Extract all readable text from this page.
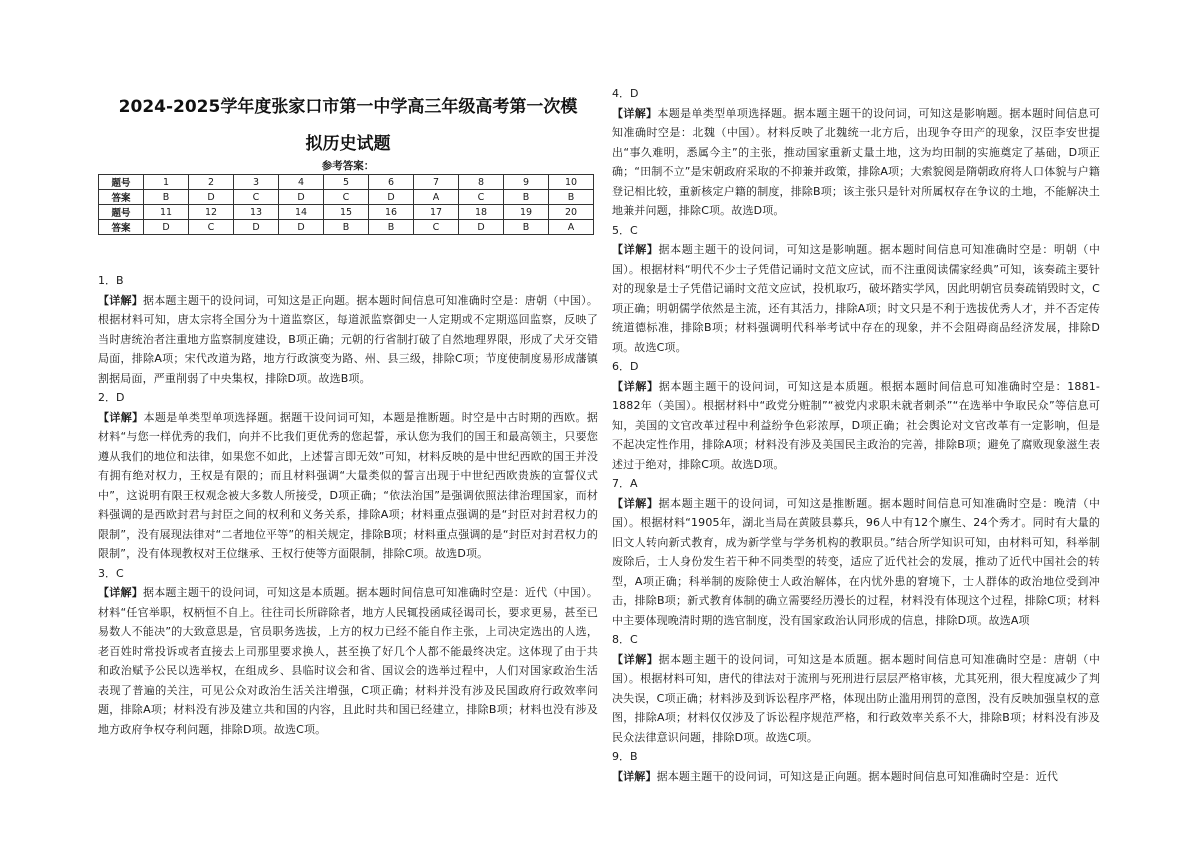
2024-2025学年度张家口市第一中学高三年级高考第一次模
拟历史试题
参考答案：
题号	1	2	3	4	5	6	7	8	9	10
答案	B	D	C	D	C	D	A	C	B	B
题号	11	12	13	14	15	16	17	18	19	20
答案	D	C	D	D	B	B	C	D	B	A
1．B
【详解】据本题主题干的设问词，可知这是正向题。据本题时间信息可知准确时空是：唐朝（中国）。根据材料可知，唐太宗将全国分为十道监察区，每道派监察御史一人定期或不定期巡回监察，反映了当时唐统治者注重地方监察制度建设，B项正确；元朝的行省制打破了自然地理界限，形成了犬牙交错局面，排除A项；宋代改道为路，地方行政演变为路、州、县三级，排除C项；节度使制度易形成藩镇割据局面，严重削弱了中央集权，排除D项。故选B项。
2．D
【详解】本题是单类型单项选择题。据题干设问词可知，本题是推断题。时空是中古时期的西欧。据材料“与您一样优秀的我们，向并不比我们更优秀的您起誓，承认您为我们的国王和最高领主，只要您遵从我们的地位和法律，如果您不如此，上述誓言即无效”可知，材料反映的是中世纪西欧的国王并没有拥有绝对权力，王权是有限的；而且材料强调“大量类似的誓言出现于中世纪西欧贵族的宣誓仪式中”，这说明有限王权观念被大多数人所接受，D项正确；“依法治国”是强调依照法律治理国家，而材料强调的是西欧封君与封臣之间的权利和义务关系，排除A项；材料重点强调的是“封臣对封君权力的限制”，没有展现法律对“二者地位平等”的相关规定，排除B项；材料重点强调的是“封臣对封君权力的限制”，没有体现教权对王位继承、王权行使等方面限制，排除C项。故选D项。
3．C
【详解】据本题主题干的设问词，可知这是本质题。据本题时间信息可知准确时空是：近代（中国）。材料“任官举职，权柄恒不自上。往往司长所辟除者，地方人民辄投函咸径谒司长，要求更易，甚至已易数人不能决”的大致意思是，官员职务选拔，上方的权力已经不能自作主张，上司决定选出的人选，老百姓时常投诉或者直接去上司那里要求换人，甚至换了好几个人都不能最终决定。这体现了由于共和政治赋予公民以选举权，在组成乡、县临时议会和省、国议会的选举过程中，人们对国家政治生活表现了普遍的关注，可见公众对政治生活关注增强，C项正确；材料并没有涉及民国政府行政效率问题，排除A项；材料没有涉及建立共和国的内容，且此时共和国已经建立，排除B项；材料也没有涉及地方政府争权夺利问题，排除D项。故选C项。
4．D
【详解】本题是单类型单项选择题。据本题主题干的设问词，可知这是影响题。据本题时间信息可知准确时空是：北魏（中国）。材料反映了北魏统一北方后，出现争夺田产的现象，汉臣李安世提出“事久难明，悉属今主”的主张，推动国家重新丈量土地，这为均田制的实施奠定了基础，D项正确；“田制不立”是宋朝政府采取的不抑兼并政策，排除A项；大索貌阅是隋朝政府将人口体貌与户籍登记相比较，重新核定户籍的制度，排除B项；该主张只是针对所属权存在争议的土地，不能解决土地兼并问题，排除C项。故选D项。
5．C
【详解】据本题主题干的设问词，可知这是影响题。据本题时间信息可知准确时空是：明朝（中国）。根据材料“明代不少士子凭借记诵时文范文应试，而不注重阅读儒家经典”可知，该奏疏主要针对的现象是士子凭借记诵时文范文应试，投机取巧，破坏踏实学风，因此明朝官员奏疏销毁时文，C项正确；明朝儒学依然是主流，还有其活力，排除A项；时文只是不利于选拔优秀人才，并不否定传统道德标准，排除B项；材料强调明代科举考试中存在的现象，并不会阻碍商品经济发展，排除D项。故选C项。
6．D
【详解】据本题主题干的设问词，可知这是本质题。根据本题时间信息可知准确时空是：1881-1882年（美国）。根据材料中“政党分赃制”“被党内求职未就者刺杀”“在选举中争取民众”等信息可知，美国的文官改革过程中利益纷争色彩浓厚，D项正确；社会舆论对文官改革有一定影响，但是不起决定性作用，排除A项；材料没有涉及美国民主政治的完善，排除B项；避免了腐败现象滋生表述过于绝对，排除C项。故选D项。
7．A
【详解】据本题主题干的设问词，可知这是推断题。据本题时间信息可知准确时空是：晚清（中国）。根据材料“1905年，湖北当局在黄陂县募兵，96人中有12个廪生、24个秀才。同时有大量的旧文人转向新式教育，成为新学堂与学务机构的教职员。”结合所学知识可知，由材料可知，科举制废除后，士人身份发生若干种不同类型的转变，适应了近代社会的发展，推动了近代中国社会的转型，A项正确；科举制的废除使士人政治解体，在内忧外患的窘境下，士人群体的政治地位受到冲击，排除B项；新式教育体制的确立需要经历漫长的过程，材料没有体现这个过程，排除C项；材料中主要体现晚清时期的选官制度，没有国家政治认同形成的信息，排除D项。故选A项
8．C
【详解】据本题主题干的设问词，可知这是本质题。据本题时间信息可知准确时空是：唐朝（中国）。根据材料可知，唐代的律法对于流刑与死刑进行层层严格审核，尤其死刑，很大程度减少了判决失误，C项正确；材料涉及到诉讼程序严格，体现出防止滥用刑罚的意图，没有反映加强皇权的意图，排除A项；材料仅仅涉及了诉讼程序规范严格，和行政效率关系不大，排除B项；材料没有涉及民众法律意识问题，排除D项。故选C项。
9．B
【详解】据本题主题干的设问词，可知这是正向题。据本题时间信息可知准确时空是：近代
